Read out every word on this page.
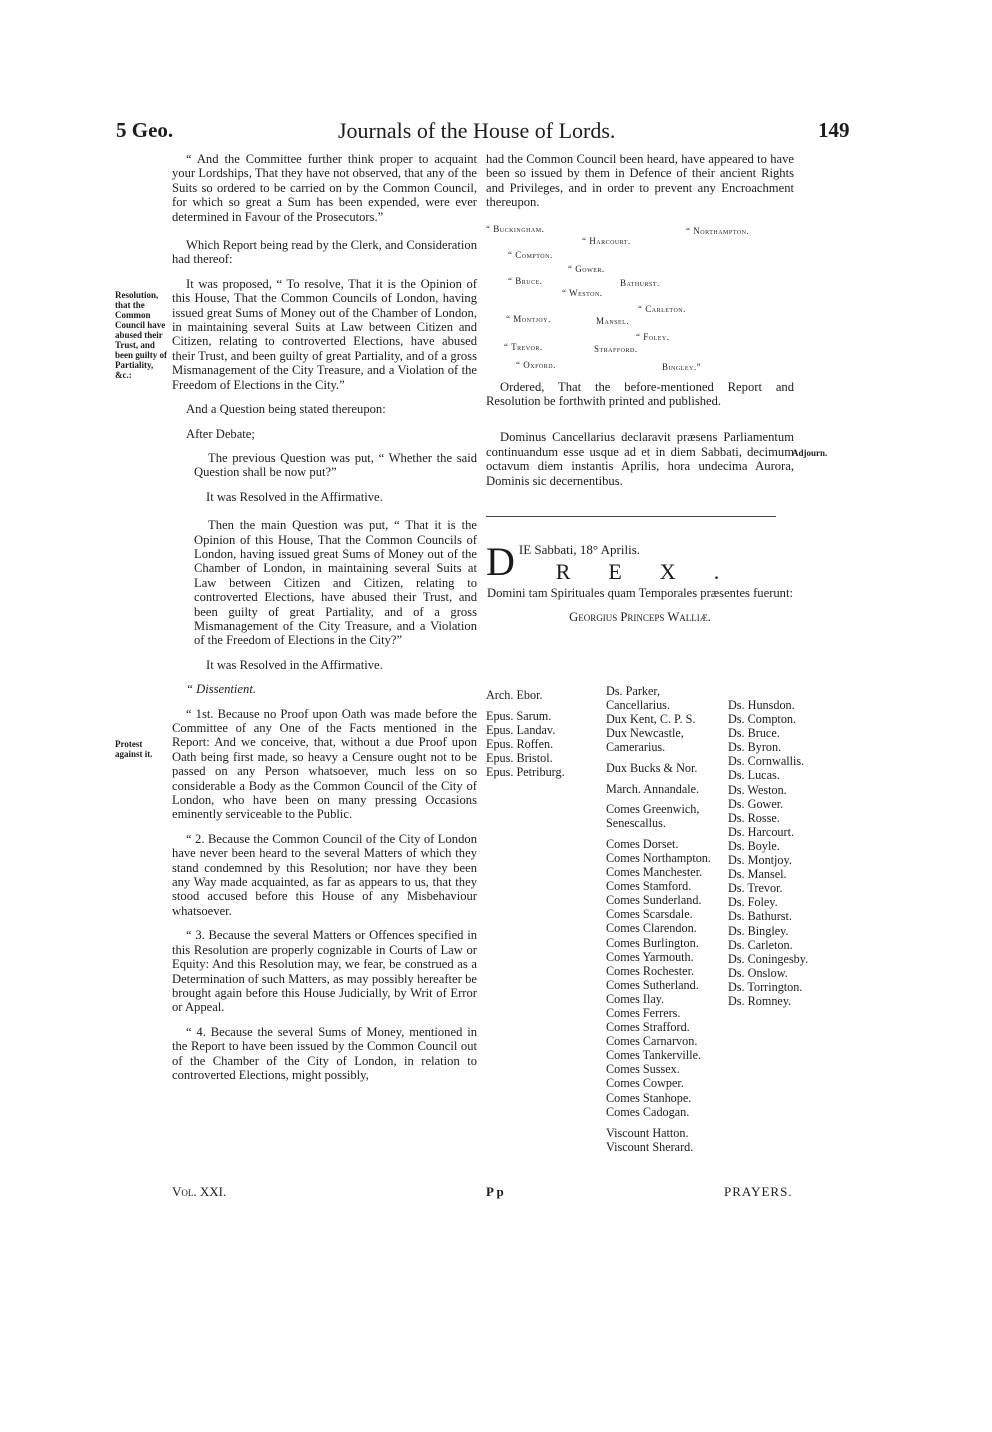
5 Geo.	Journals of the House of Lords.	149
Resolution, that the Common Council have abused their Trust, and been guilty of Partiality, &c.:
Protest against it.
Adjourn.

“ And the Committee further think proper to acquaint your Lordships, That they have not observed, that any of the Suits so ordered to be carried on by the Common Council, for which so great a Sum has been expended, were ever determined in Favour of the Prosecutors.”

Which Report being read by the Clerk, and Consideration had thereof:

It was proposed, “ To resolve, That it is the Opinion of this House, That the Common Councils of London, having issued great Sums of Money out of the Chamber of London, in maintaining several Suits at Law between Citizen and Citizen, relating to controverted Elections, have abused their Trust, and been guilty of great Partiality, and of a gross Mismanagement of the City Treasure, and a Violation of the Freedom of Elections in the City.”

And a Question being stated thereupon:

After Debate;

The previous Question was put, “ Whether the said Question shall be now put?”

It was Resolved in the Affirmative.

Then the main Question was put, “ That it is the Opinion of this House, That the Common Councils of London, having issued great Sums of Money out of the Chamber of London, in maintaining several Suits at Law between Citizen and Citizen, relating to controverted Elections, have abused their Trust, and been guilty of great Partiality, and of a gross Mismanagement of the City Treasure, and a Violation of the Freedom of Elections in the City?”

It was Resolved in the Affirmative.

“ Dissentient.

“ 1st. Because no Proof upon Oath was made before the Committee of any One of the Facts mentioned in the Report: And we conceive, that, without a due Proof upon Oath being first made, so heavy a Censure ought not to be passed on any Person whatsoever, much less on so considerable a Body as the Common Council of the City of London, who have been on many pressing Occasions eminently serviceable to the Public.

“ 2. Because the Common Council of the City of London have never been heard to the several Matters of which they stand condemned by this Resolution; nor have they been any Way made acquainted, as far as appears to us, that they stood accused before this House of any Misbehaviour whatsoever.

“ 3. Because the several Matters or Offences specified in this Resolution are properly cognizable in Courts of Law or Equity: And this Resolution may, we fear, be construed as a Determination of such Matters, as may possibly hereafter be brought again before this House Judicially, by Writ of Error or Appeal.

“ 4. Because the several Sums of Money, mentioned in the Report to have been issued by the Common Council out of the Chamber of the City of London, in relation to controverted Elections, might possibly,

had the Common Council been heard, have appeared to have been so issued by them in Defence of their ancient Rights and Privileges, and in order to prevent any Encroachment thereupon.

“ Buckingham.
“ Harcourt.
“ Northampton.
“ Compton.
“ Gower.
“ Bruce.	Bathurst.
“ Weston.
“ Carleton.
“ Montjoy.	Mansel.
“ Foley.
“ Trevor.	Strafford.
“ Oxford.	Bingley.”

Ordered, That the before-mentioned Report and Resolution be forthwith printed and published.

Dominus Cancellarius declaravit præsens Parliamentum continuandum esse usque ad et in diem Sabbati, decimum octavum diem instantis Aprilis, hora undecima Aurora, Dominis sic decernentibus.

D IE Sabbati, 18° Aprilis.
REX.

Domini tam Spirituales quam Temporales præsentes fuerunt:

Georgius Princeps Walliæ.

Arch. Ebor.
Epus. Sarum.
Epus. Landav.
Epus. Roffen.
Epus. Bristol.
Epus. Petriburg.
Ds. Parker, Cancellarius.
Dux Kent, C. P. S.
Dux Newcastle, Camerarius.
Dux Bucks & Nor.
March. Annandale.
Comes Greenwich, Senescallus.
Comes Dorset.
Comes Northampton.
Comes Manchester.
Comes Stamford.
Comes Sunderland.
Comes Scarsdale.
Comes Clarendon.
Comes Burlington.
Comes Yarmouth.
Comes Rochester.
Comes Sutherland.
Comes Ilay.
Comes Ferrers.
Comes Strafford.
Comes Carnarvon.
Comes Tankerville.
Comes Sussex.
Comes Cowper.
Comes Stanhope.
Comes Cadogan.
Viscount Hatton.
Viscount Sherard.
Ds. Hunsdon.
Ds. Compton.
Ds. Bruce.
Ds. Byron.
Ds. Cornwallis.
Ds. Lucas.
Ds. Weston.
Ds. Gower.
Ds. Rosse.
Ds. Harcourt.
Ds. Boyle.
Ds. Montjoy.
Ds. Mansel.
Ds. Trevor.
Ds. Foley.
Ds. Bathurst.
Ds. Bingley.
Ds. Carleton.
Ds. Coningesby.
Ds. Onslow.
Ds. Torrington.
Ds. Romney.
Vol. XXI.	P p	PRAYERS.
